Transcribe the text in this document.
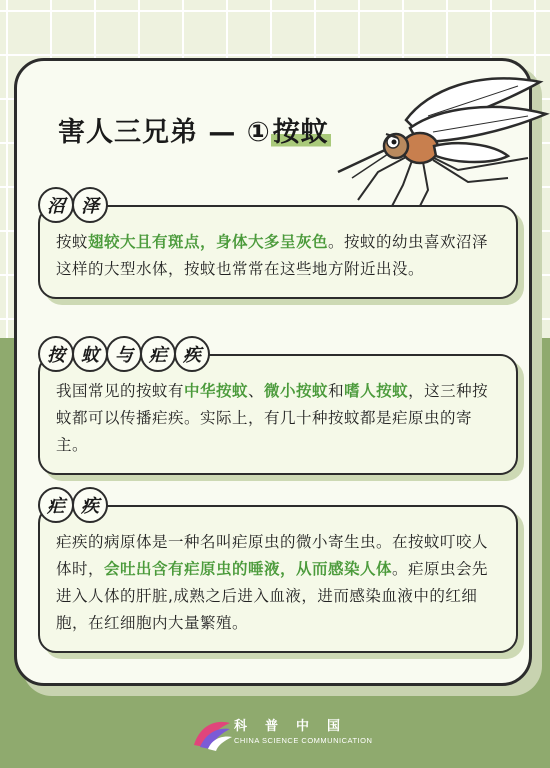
害人三兄弟 — ①按蚊
沼 泽

按蚊翅较大且有斑点，身体大多呈灰色。按蚊的幼虫喜欢沼泽这样的大型水体，按蚊也常常在这些地方附近出没。

按 蚊 与 疟 疾

我国常见的按蚊有中华按蚊、微小按蚊和嗜人按蚊，这三种按蚊都可以传播疟疾。实际上，有几十种按蚊都是疟原虫的寄主。

疟 疾

疟疾的病原体是一种名叫疟原虫的微小寄生虫。在按蚊叮咬人体时，会吐出含有疟原虫的唾液，从而感染人体。疟原虫会先进入人体的肝脏,成熟之后进入血液，进而感染血液中的红细胞，在红细胞内大量繁殖。

科普中国
CHINA SCIENCE COMMUNICATION
